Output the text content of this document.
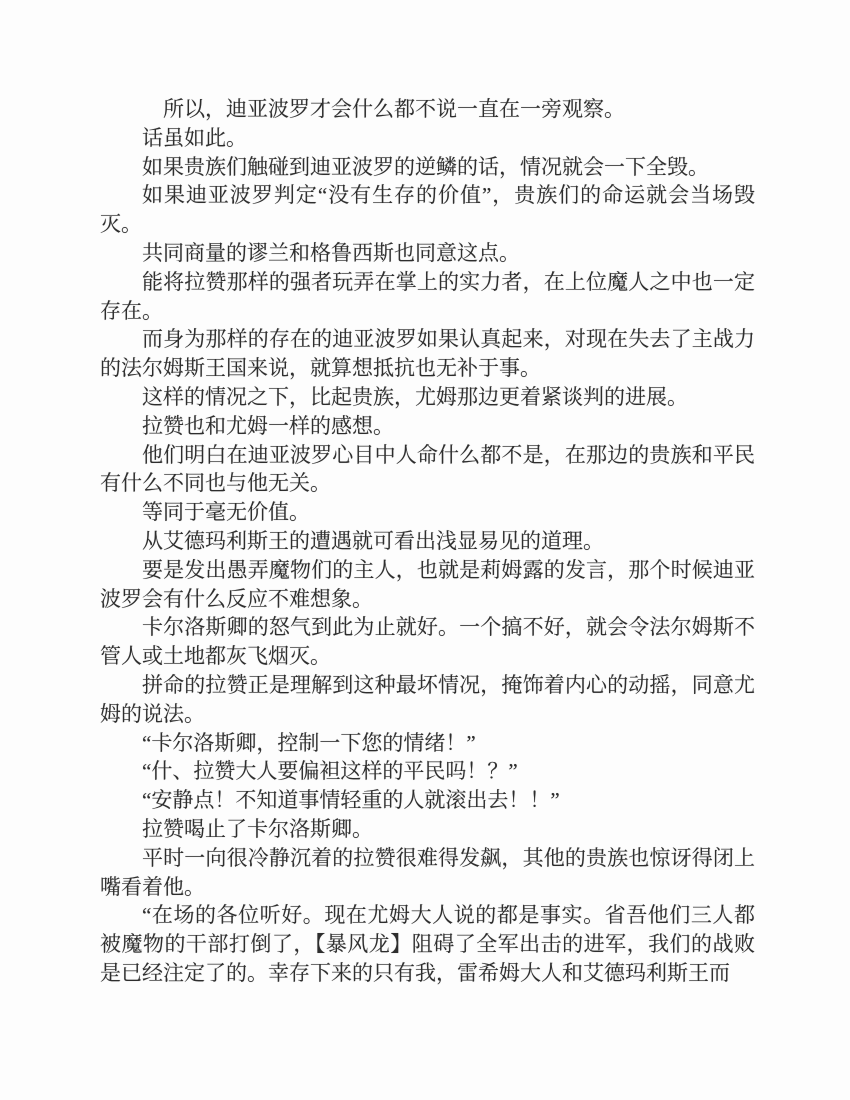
所以，迪亚波罗才会什么都不说一直在一旁观察。

话虽如此。

如果贵族们触碰到迪亚波罗的逆鳞的话，情况就会一下全毁。

如果迪亚波罗判定“没有生存的价值”，贵族们的命运就会当场毁灭。

共同商量的谬兰和格鲁西斯也同意这点。

能将拉赞那样的强者玩弄在掌上的实力者，在上位魔人之中也一定存在。

而身为那样的存在的迪亚波罗如果认真起来，对现在失去了主战力的法尔姆斯王国来说，就算想抵抗也无补于事。

这样的情况之下，比起贵族，尤姆那边更着紧谈判的进展。

拉赞也和尤姆一样的感想。

他们明白在迪亚波罗心目中人命什么都不是，在那边的贵族和平民有什么不同也与他无关。

等同于毫无价值。

从艾德玛利斯王的遭遇就可看出浅显易见的道理。

要是发出愚弄魔物们的主人，也就是莉姆露的发言，那个时候迪亚波罗会有什么反应不难想象。

卡尔洛斯卿的怒气到此为止就好。一个搞不好，就会令法尔姆斯不管人或土地都灰飞烟灭。

拼命的拉赞正是理解到这种最坏情况，掩饰着内心的动摇，同意尤姆的说法。

“卡尔洛斯卿，控制一下您的情绪！”

“什、拉赞大人要偏袒这样的平民吗！？”

“安静点！不知道事情轻重的人就滚出去！！”

拉赞喝止了卡尔洛斯卿。

平时一向很冷静沉着的拉赞很难得发飙，其他的贵族也惊讶得闭上嘴看着他。

“在场的各位听好。现在尤姆大人说的都是事实。省吾他们三人都被魔物的干部打倒了，【暴风龙】阻碍了全军出击的进军，我们的战败是已经注定了的。幸存下来的只有我，雷希姆大人和艾德玛利斯王而
